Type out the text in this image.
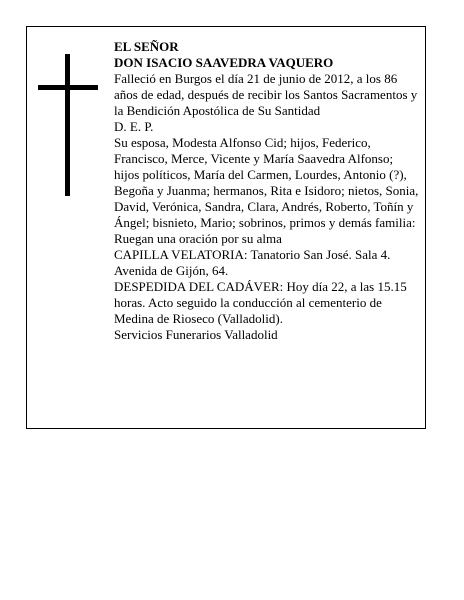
EL SEÑOR

DON ISACIO SAAVEDRA VAQUERO

Falleció en Burgos el día 21 de junio de 2012, a los 86 años de edad, después de recibir los Santos Sacramentos y la Bendición Apostólica de Su Santidad

D. E. P.

Su esposa, Modesta Alfonso Cid; hijos, Federico, Francisco, Merce, Vicente y María Saavedra Alfonso; hijos políticos, María del Carmen, Lourdes, Antonio (?), Begoña y Juanma; hermanos, Rita e Isidoro; nietos, Sonia, David, Verónica, Sandra, Clara, Andrés, Roberto, Toñín y Ángel; bisnieto, Mario; sobrinos, primos y demás familia:

Ruegan una oración por su alma

CAPILLA VELATORIA: Tanatorio San José. Sala 4. Avenida de Gijón, 64.

DESPEDIDA DEL CADÁVER: Hoy día 22, a las 15.15 horas. Acto seguido la conducción al cementerio de Medina de Rioseco (Valladolid).

Servicios Funerarios Valladolid
